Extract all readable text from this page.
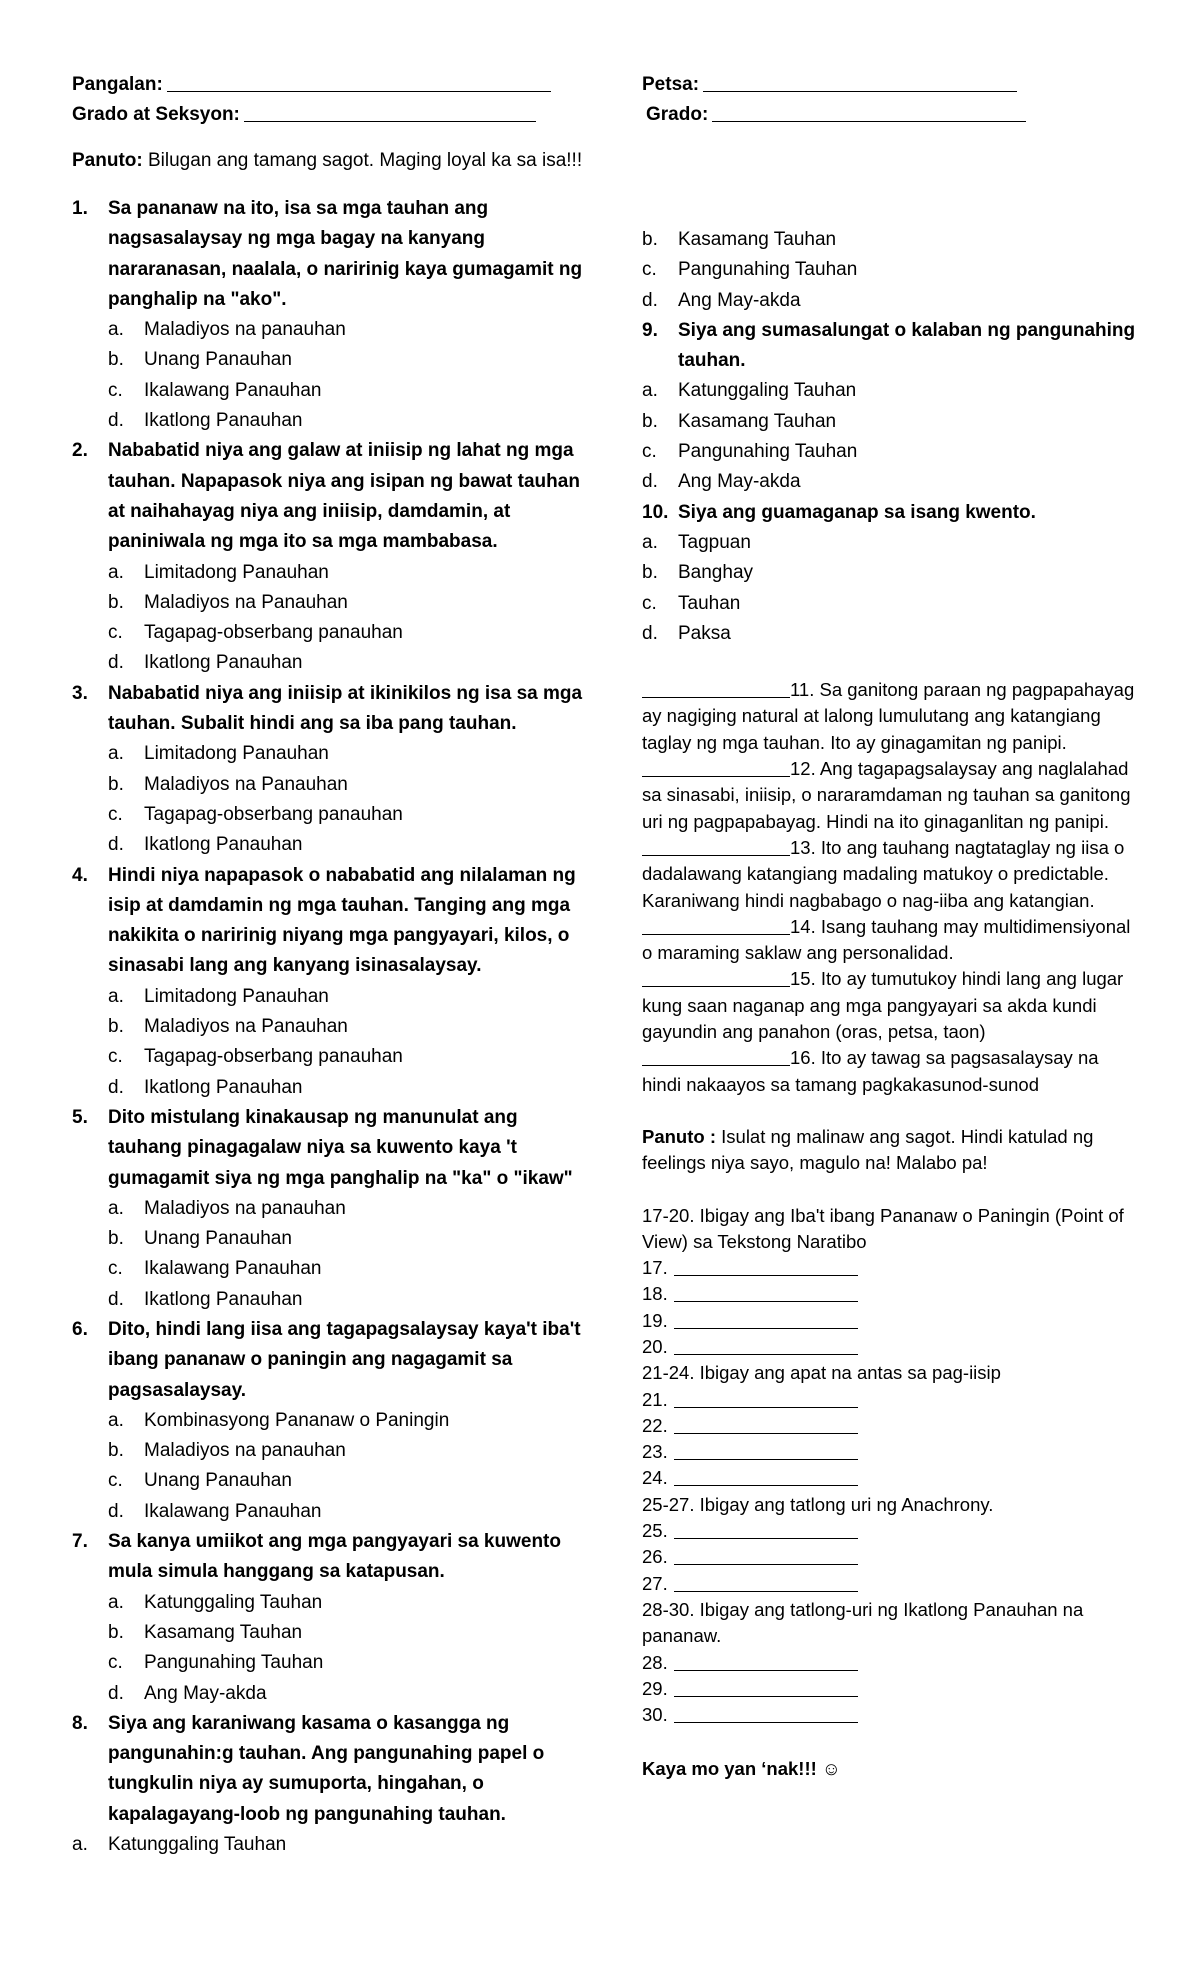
Pangalan:
Grado at Seksyon:
Panuto: Bilugan ang tamang sagot. Maging loyal ka sa isa!!!
1. Sa pananaw na ito, isa sa mga tauhan ang nagsasalaysay ng mga bagay na kanyang nararanasan, naalala, o naririnig kaya gumagamit ng panghalip na "ako".
a. Maladiyos na panauhan
b. Unang Panauhan
c. Ikalawang Panauhan
d. Ikatlong Panauhan
2. Nababatid niya ang galaw at iniisip ng lahat ng mga tauhan. Napapasok niya ang isipan ng bawat tauhan at naihahayag niya ang iniisip, damdamin, at paniniwala ng mga ito sa mga mambabasa.
a. Limitadong Panauhan
b. Maladiyos na Panauhan
c. Tagapag-obserbang panauhan
d. Ikatlong Panauhan
3. Nababatid niya ang iniisip at ikinikilos ng isa sa mga tauhan. Subalit hindi ang sa iba pang tauhan.
a. Limitadong Panauhan
b. Maladiyos na Panauhan
c. Tagapag-obserbang panauhan
d. Ikatlong Panauhan
4. Hindi niya napapasok o nababatid ang nilalaman ng isip at damdamin ng mga tauhan. Tanging ang mga nakikita o naririnig niyang mga pangyayari, kilos, o sinasabi lang ang kanyang isinasalaysay.
a. Limitadong Panauhan
b. Maladiyos na Panauhan
c. Tagapag-obserbang panauhan
d. Ikatlong Panauhan
5. Dito mistulang kinakausap ng manunulat ang tauhang pinagagalaw niya sa kuwento kaya 't gumagamit siya ng mga panghalip na "ka" o "ikaw"
a. Maladiyos na panauhan
b. Unang Panauhan
c. Ikalawang Panauhan
d. Ikatlong Panauhan
6. Dito, hindi lang iisa ang tagapagsalaysay kaya't iba't ibang pananaw o paningin ang nagagamit sa pagsasalaysay.
a. Kombinasyong Pananaw o Paningin
b. Maladiyos na panauhan
c. Unang Panauhan
d. Ikalawang Panauhan
7. Sa kanya umiikot ang mga pangyayari sa kuwento mula simula hanggang sa katapusan.
a. Katunggaling Tauhan
b. Kasamang Tauhan
c. Pangunahing Tauhan
d. Ang May-akda
8. Siya ang karaniwang kasama o kasangga ng pangunahin:g tauhan. Ang pangunahing papel o tungkulin niya ay sumuporta, hingahan, o kapalagayang-loob ng pangunahing tauhan.
a. Katunggaling Tauhan
Petsa:
Grado:
b. Kasamang Tauhan
c. Pangunahing Tauhan
d. Ang May-akda
9. Siya ang sumasalungat o kalaban ng pangunahing tauhan.
a. Katunggaling Tauhan
b. Kasamang Tauhan
c. Pangunahing Tauhan
d. Ang May-akda
10. Siya ang guamaganap sa isang kwento.
a. Tagpuan
b. Banghay
c. Tauhan
d. Paksa
11. Sa ganitong paraan ng pagpapahayag ay nagiging natural at lalong lumulutang ang katangiang taglay ng mga tauhan. Ito ay ginagamitan ng panipi.
12. Ang tagapagsalaysay ang naglalahad sa sinasabi, iniisip, o nararamdaman ng tauhan sa ganitong uri ng pagpapabayag. Hindi na ito ginaganlitan ng panipi.
13. Ito ang tauhang nagtataglay ng iisa o dadalawang katangiang madaling matukoy o predictable. Karaniwang hindi nagbabago o nag-iiba ang katangian.
14. Isang tauhang may multidimensiyonal o maraming saklaw ang personalidad.
15. Ito ay tumutukoy hindi lang ang lugar kung saan naganap ang mga pangyayari sa akda kundi gayundin ang panahon (oras, petsa, taon)
16. Ito ay tawag sa pagsasalaysay na hindi nakaayos sa tamang pagkakasunod-sunod
Panuto : Isulat ng malinaw ang sagot. Hindi katulad ng feelings niya sayo, magulo na! Malabo pa!
17-20. Ibigay ang Iba't ibang Pananaw o Paningin (Point of View) sa Tekstong Naratibo
17.
18.
19.
20.
21-24. Ibigay ang apat na antas sa pag-iisip
21.
22.
23.
24.
25-27. Ibigay ang tatlong uri ng Anachrony.
25.
26.
27.
28-30. Ibigay ang tatlong-uri ng Ikatlong Panauhan na pananaw.
28.
29.
30.
Kaya mo yan ‘nak!!! ☺
